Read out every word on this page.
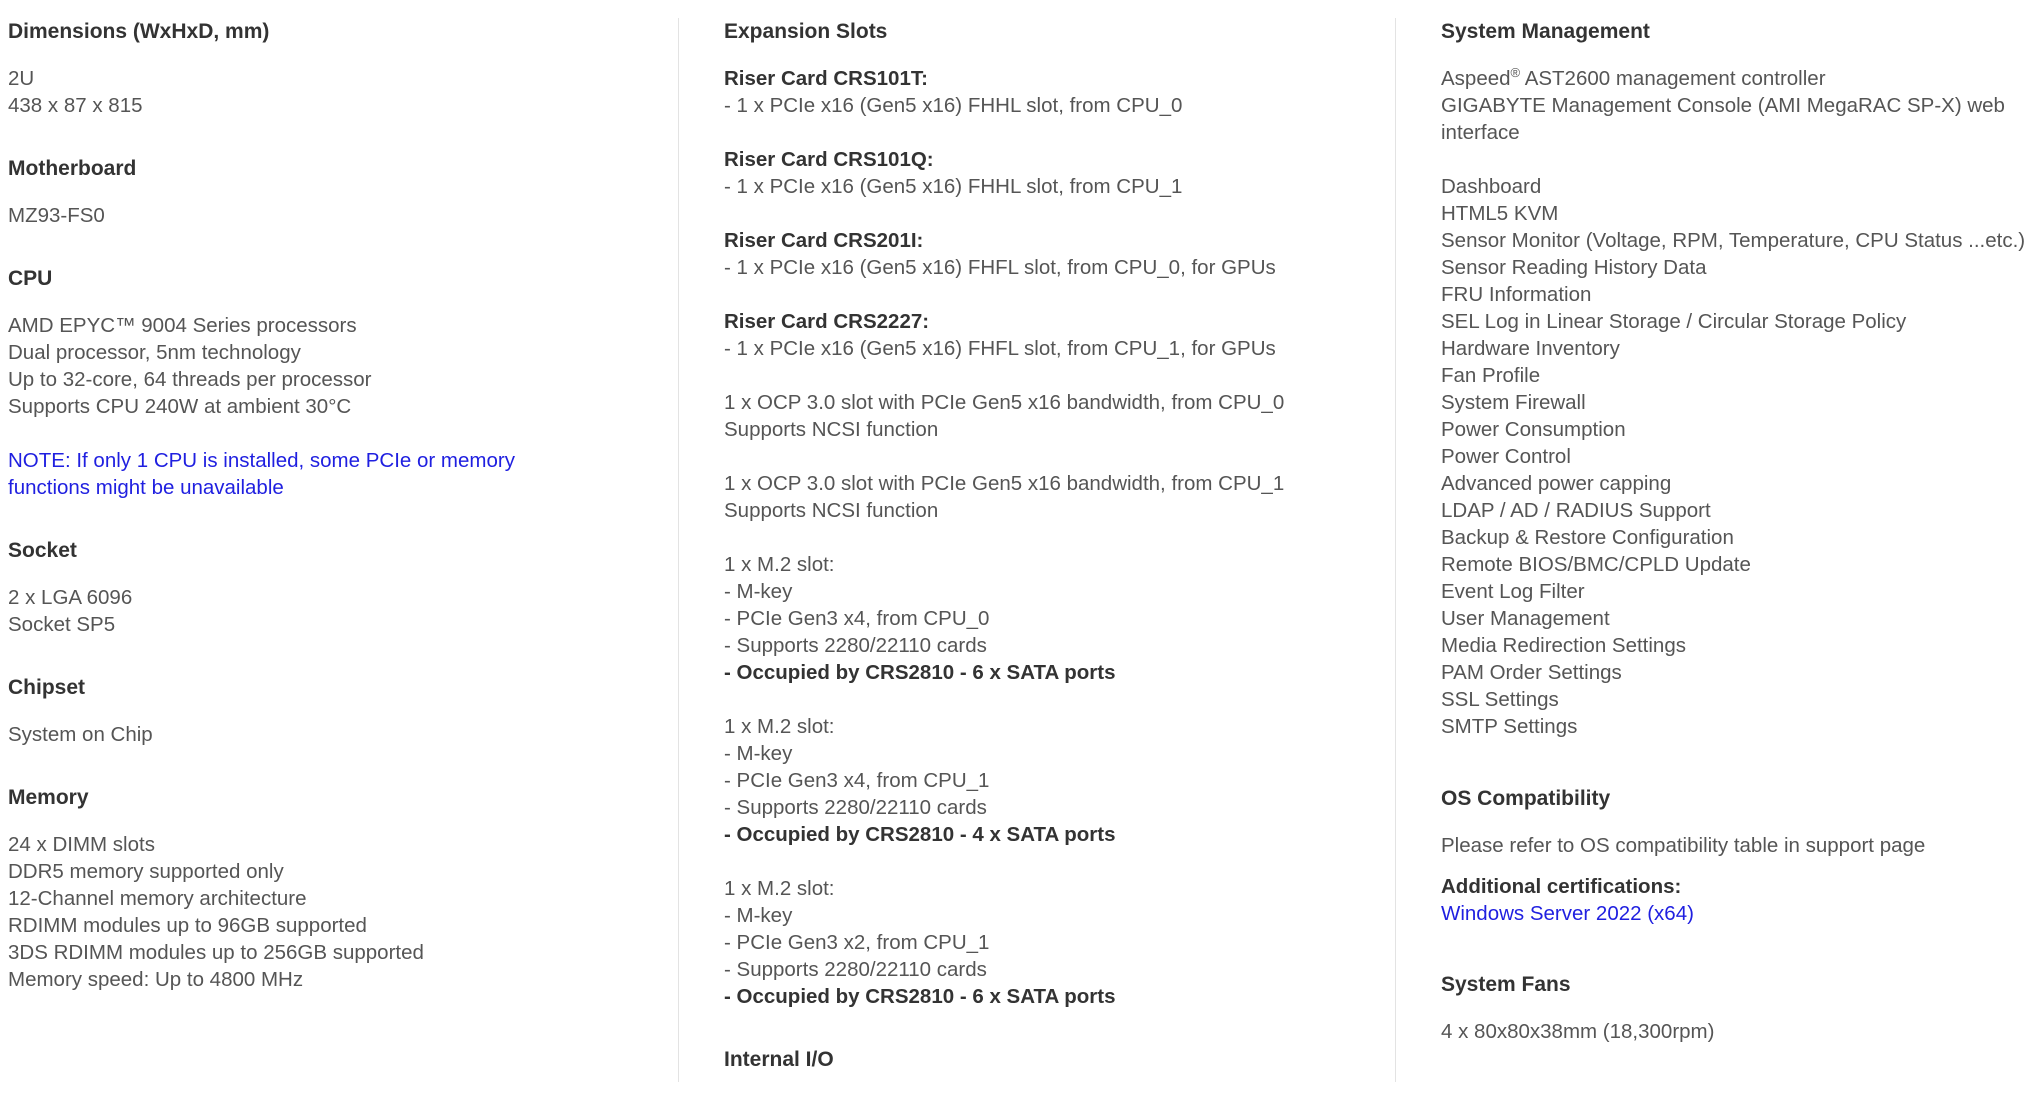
Dimensions (WxHxD, mm)
2U
438 x 87 x 815
Motherboard
MZ93-FS0
CPU
AMD EPYC™ 9004 Series processors
Dual processor, 5nm technology
Up to 32-core, 64 threads per processor
Supports CPU 240W at ambient 30°C
NOTE: If only 1 CPU is installed, some PCIe or memory functions might be unavailable
Socket
2 x LGA 6096
Socket SP5
Chipset
System on Chip
Memory
24 x DIMM slots
DDR5 memory supported only
12-Channel memory architecture
RDIMM modules up to 96GB supported
3DS RDIMM modules up to 256GB supported
Memory speed: Up to 4800 MHz
Expansion Slots
Riser Card CRS101T:
- 1 x PCIe x16 (Gen5 x16) FHHL slot, from CPU_0
Riser Card CRS101Q:
- 1 x PCIe x16 (Gen5 x16) FHHL slot, from CPU_1
Riser Card CRS201I:
- 1 x PCIe x16 (Gen5 x16) FHFL slot, from CPU_0, for GPUs
Riser Card CRS2227:
- 1 x PCIe x16 (Gen5 x16) FHFL slot, from CPU_1, for GPUs
1 x OCP 3.0 slot with PCIe Gen5 x16 bandwidth, from CPU_0
Supports NCSI function
1 x OCP 3.0 slot with PCIe Gen5 x16 bandwidth, from CPU_1
Supports NCSI function
1 x M.2 slot:
- M-key
- PCIe Gen3 x4, from CPU_0
- Supports 2280/22110 cards
- Occupied by CRS2810 - 6 x SATA ports
1 x M.2 slot:
- M-key
- PCIe Gen3 x4, from CPU_1
- Supports 2280/22110 cards
- Occupied by CRS2810 - 4 x SATA ports
1 x M.2 slot:
- M-key
- PCIe Gen3 x2, from CPU_1
- Supports 2280/22110 cards
- Occupied by CRS2810 - 6 x SATA ports
Internal I/O
System Management
Aspeed® AST2600 management controller
GIGABYTE Management Console (AMI MegaRAC SP-X) web interface
Dashboard
HTML5 KVM
Sensor Monitor (Voltage, RPM, Temperature, CPU Status ...etc.)
Sensor Reading History Data
FRU Information
SEL Log in Linear Storage / Circular Storage Policy
Hardware Inventory
Fan Profile
System Firewall
Power Consumption
Power Control
Advanced power capping
LDAP / AD / RADIUS Support
Backup & Restore Configuration
Remote BIOS/BMC/CPLD Update
Event Log Filter
User Management
Media Redirection Settings
PAM Order Settings
SSL Settings
SMTP Settings
OS Compatibility
Please refer to OS compatibility table in support page
Additional certifications:
Windows Server 2022 (x64)
System Fans
4 x 80x80x38mm (18,300rpm)
